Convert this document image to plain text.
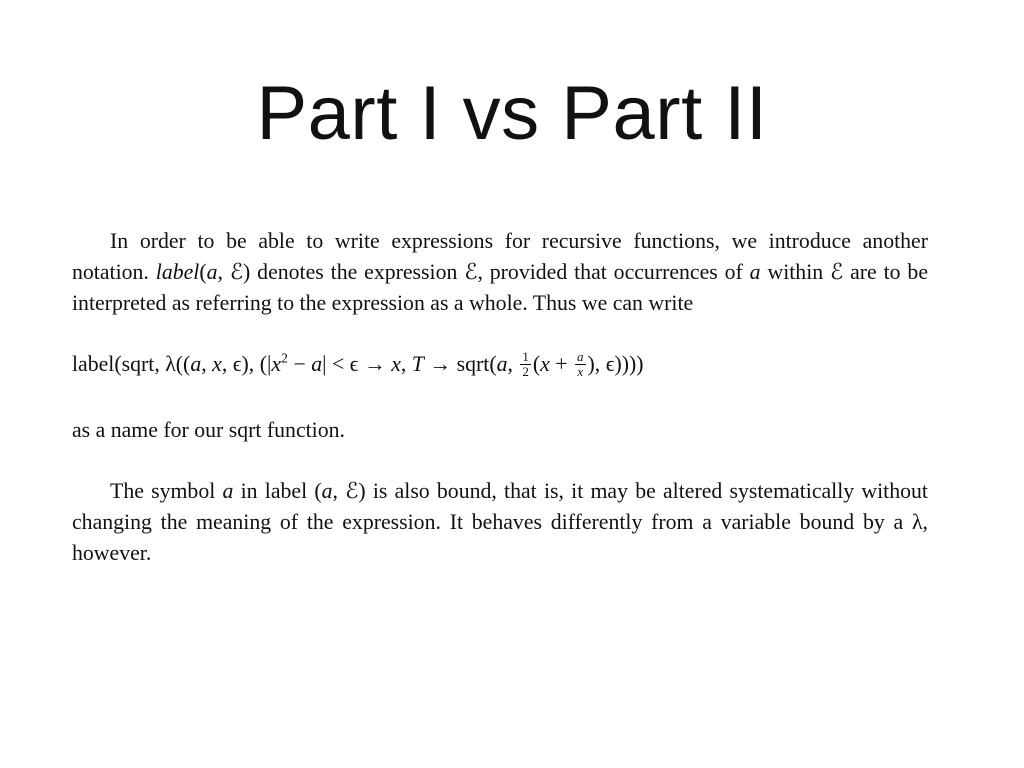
Part I vs Part II

In order to be able to write expressions for recursive functions, we introduce another notation. label(a, ℰ) denotes the expression ℰ, provided that occurrences of a within ℰ are to be interpreted as referring to the expression as a whole. Thus we can write

label(sqrt, λ((a, x, ϵ), ($|x^2 - a| < \epsilon \to x$, T → sqrt(a, $\frac{1}{2} (x + \frac{a}{x}$ ), ϵ))))

as a name for our sqrt function.

The symbol a in label (a, ℰ) is also bound, that is, it may be altered systematically without changing the meaning of the expression. It behaves differently from a variable bound by a λ, however.
